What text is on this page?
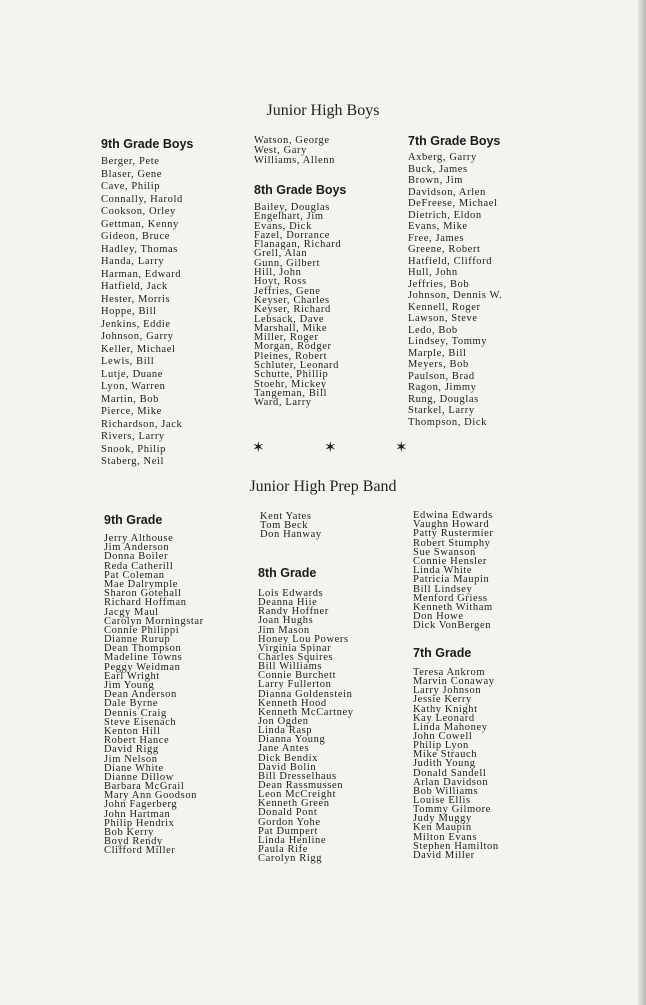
Junior High Boys
9th Grade Boys
Berger, Pete
Blaser, Gene
Cave, Philip
Connally, Harold
Cookson, Orley
Gettman, Kenny
Gideon, Bruce
Hadley, Thomas
Handa, Larry
Harman, Edward
Hatfield, Jack
Hester, Morris
Hoppe, Bill
Jenkins, Eddie
Johnson, Garry
Keller, Michael
Lewis, Bill
Lutje, Duane
Lyon, Warren
Martin, Bob
Pierce, Mike
Richardson, Jack
Rivers, Larry
Snook, Philip
Staberg, Neil
Watson, George
West, Gary
Williams, Allenn
8th Grade Boys
Bailey, Douglas
Engelhart, Jim
Evans, Dick
Fazel, Dorrance
Flanagan, Richard
Grell, Alan
Gunn, Gilbert
Hill, John
Hoyt, Ross
Jeffries, Gene
Keyser, Charles
Keyser, Richard
Lebsack, Dave
Marshall, Mike
Miller, Roger
Morgan, Rodger
Pleines, Robert
Schluter, Leonard
Schutte, Phillip
Stoehr, Mickey
Tangeman, Bill
Ward, Larry
7th Grade Boys
Axberg, Garry
Buck, James
Brown, Jim
Davidson, Arlen
DeFreese, Michael
Dietrich, Eldon
Evans, Mike
Free, James
Greene, Robert
Hatfield, Clifford
Hull, John
Jeffries, Bob
Johnson, Dennis W.
Kennell, Roger
Lawson, Steve
Ledo, Bob
Lindsey, Tommy
Marple, Bill
Meyers, Bob
Paulson, Brad
Ragon, Jimmy
Rung, Douglas
Starkel, Larry
Thompson, Dick
✶	✶	✶
Junior High Prep Band
9th Grade
Jerry Althouse
Jim Anderson
Donna Boiler
Reda Catherill
Pat Coleman
Mae Dalrymple
Sharon Gotehall
Richard Hoffman
Jacgy Maul
Carolyn Morningstar
Connie Philippi
Dianne Rurup
Dean Thompson
Madeline Towns
Peggy Weidman
Earl Wright
Jim Young
Dean Anderson
Dale Byrne
Dennis Craig
Steve Eisenach
Kenton Hill
Robert Hance
David Rigg
Jim Nelson
Diane White
Dianne Dillow
Barbara McGrail
Mary Ann Goodson
John Fagerberg
John Hartman
Philip Hendrix
Bob Kerry
Boyd Rendy
Clifford Miller
Kent Yates
Tom Beck
Don Hanway
8th Grade
Lois Edwards
Deanna Hiie
Randy Hoffner
Joan Hughs
Jim Mason
Honey Lou Powers
Virginia Spinar
Charles Squires
Bill Williams
Connie Burchett
Larry Fullerton
Dianna Goldenstein
Kenneth Hood
Kenneth McCartney
Jon Ogden
Linda Rasp
Dianna Young
Jane Antes
Dick Bendix
David Bolin
Bill Dresselhaus
Dean Rassmussen
Leon McCreight
Kenneth Green
Donald Pont
Gordon Yohe
Pat Dumpert
Linda Henline
Paula Rife
Carolyn Rigg
Edwina Edwards
Vaughn Howard
Patty Rustermier
Robert Stumphy
Sue Swanson
Connie Hensler
Linda White
Patricia Maupin
Bill Lindsey
Menford Griess
Kenneth Witham
Don Howe
Dick VonBergen
7th Grade
Teresa Ankrom
Marvin Conaway
Larry Johnson
Jessie Kerry
Kathy Knight
Kay Leonard
Linda Mahoney
John Cowell
Philip Lyon
Mike Strauch
Judith Young
Donald Sandell
Arlan Davidson
Bob Williams
Louise Ellis
Tommy Gilmore
Judy Muggy
Ken Maupin
Milton Evans
Stephen Hamilton
David Miller
